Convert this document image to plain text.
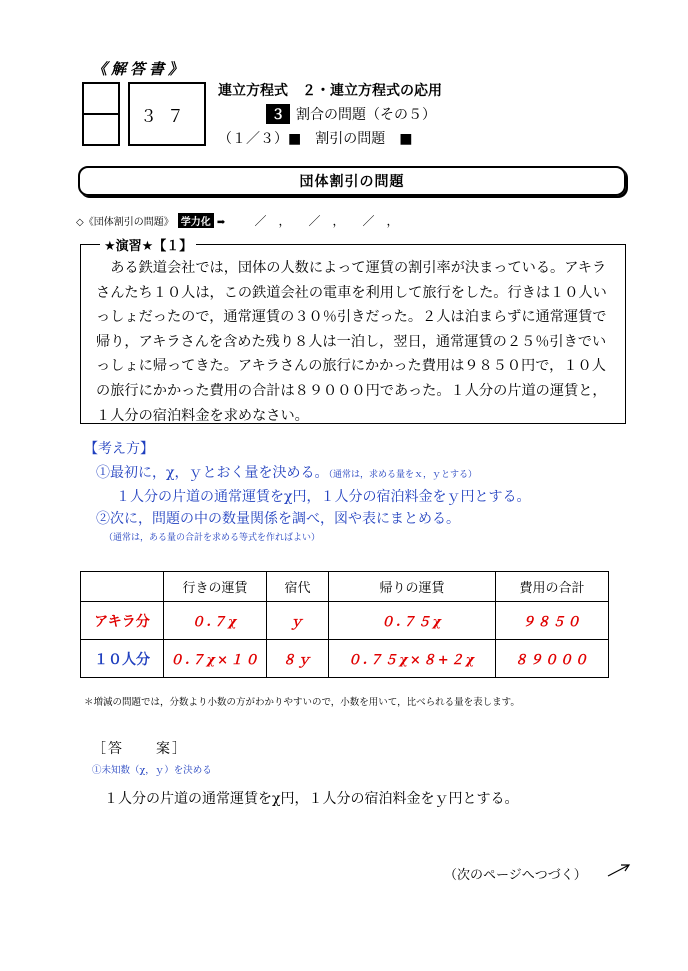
《解答書》
３７
連立方程式　２・連立方程式の応用
３ 割合の問題（その５）
（１／３）■　割引の問題　■
団体割引の問題
◇《団体割引の問題》 学力化 ➡ ／　，　　／　，　　／　，
★演習★【１】
　ある鉄道会社では，団体の人数によって運賃の割引率が決まっている。アキラさんたち１０人は，この鉄道会社の電車を利用して旅行をした。行きは１０人いっしょだったので，通常運賃の３０％引きだった。２人は泊まらずに通常運賃で帰り，アキラさんを含めた残り８人は一泊し，翌日，通常運賃の２５％引きでいっしょに帰ってきた。アキラさんの旅行にかかった費用は９８５０円で，１０人の旅行にかかった費用の合計は８９０００円であった。１人分の片道の運賃と，１人分の宿泊料金を求めなさい。
【考え方】
①最初に，χ，ｙとおく量を決める。（通常は，求める量をｘ，ｙとする）
１人分の片道の通常運賃をχ円，１人分の宿泊料金をｙ円とする。
②次に，問題の中の数量関係を調べ，図や表にまとめる。
（通常は，ある量の合計を求める等式を作ればよい）
	行きの運賃	宿代	帰りの運賃	費用の合計
アキラ分	０.７χ	ｙ	０.７５χ	９８５０
１０人分	０.７χ×１０	８ｙ	０.７５χ×８+２χ	８９０００
＊増減の問題では，分数より小数の方がわかりやすいので，小数を用いて，比べられる量を表します。
［答　　案］
①未知数（χ，ｙ）を決める
１人分の片道の通常運賃をχ円，１人分の宿泊料金をｙ円とする。
（次のページへつづく）
